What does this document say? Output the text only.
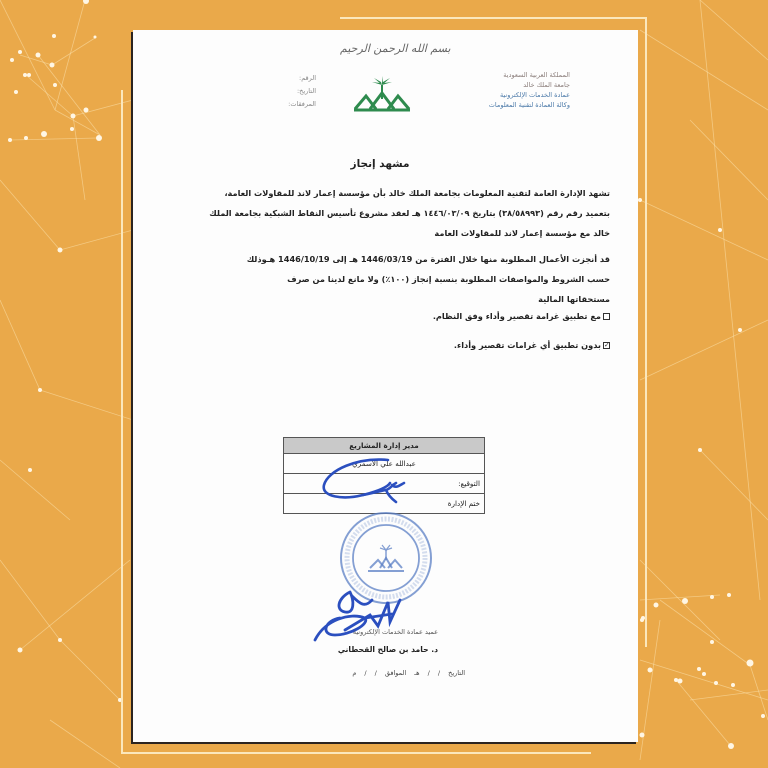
بسم الله الرحمن الرحيم
المملكة العربية السعودية
جامعة الملك خالد
عمادة الخدمات الإلكترونية
وكالة العمادة لتقنية المعلومات
الرقم:
التاريخ:
المرفقات:
مشهد إنجاز
تشهد الإدارة العامة لتقنية المعلومات بجامعة الملك خالد بأن مؤسسة إعمار لاند للمقاولات العامة، بتعميد رقم رقم (٣٨/٥٨٩٩٣) بتاريخ ١٤٤٦/٠٣/٠٩ هـ لعقد مشروع تأسيس النقاط الشبكية بجامعة الملك خالد مع مؤسسة إعمار لاند للمقاولات العامة
قد أنجزت الأعمال المطلوبة منها خلال الفترة من 1446/03/19 هـ إلى 1446/10/19 هـوذلك حسب الشروط والمواصفات المطلوبة بنسبة إنجاز (١٠٠٪) ولا مانع لدينا من صرف مستحقاتها المالية
مع تطبيق غرامة تقصير وأداء وفق النظام.
✓
بدون تطبيق أي غرامات تقصير وأداء.
مدير إدارة المشاريع
عبدالله علي الاسمري
التوقيع:
ختم الإدارة
عميد عمادة الخدمات الإلكترونية
د. حامد بن صالح القحطاني
التاريخ / / هـ الموافق / / م
